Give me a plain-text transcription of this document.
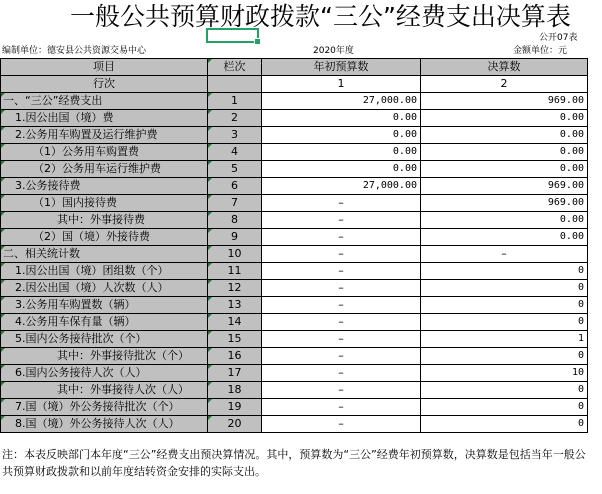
一般公共预算财政拨款“三公”经费支出决算表
公开07表
编制单位：德安县公共资源交易中心	2020年度	金额单位：元
项目	栏次	年初预算数	决算数
行次		1	2
一、“三公”经费支出	1	27,000.00	969.00
1.因公出国（境）费	2	0.00	0.00
2.公务用车购置及运行维护费	3	0.00	0.00
（1）公务用车购置费	4	0.00	0.00
（2）公务用车运行维护费	5	0.00	0.00
3.公务接待费	6	27,000.00	969.00
（1）国内接待费	7	–	969.00
其中：外事接待费	8	–	0.00
（2）国（境）外接待费	9	–	0.00
二、相关统计数	10	–	–
1.因公出国（境）团组数（个）	11	–	0
2.因公出国（境）人次数（人）	12	–	0
3.公务用车购置数（辆）	13	–	0
4.公务用车保有量（辆）	14	–	0
5.国内公务接待批次（个）	15	–	1
其中：外事接待批次（个）	16	–	0
6.国内公务接待人次（人）	17	–	10
其中：外事接待人次（人）	18	–	0
7.国（境）外公务接待批次（个）	19	–	0
8.国（境）外公务接待人次（人）	20	–	0
注：本表反映部门本年度“三公”经费支出预决算情况。其中，预算数为“三公”经费年初预算数，决算数是包括当年一般公共预算财政拨款和以前年度结转资金安排的实际支出。
